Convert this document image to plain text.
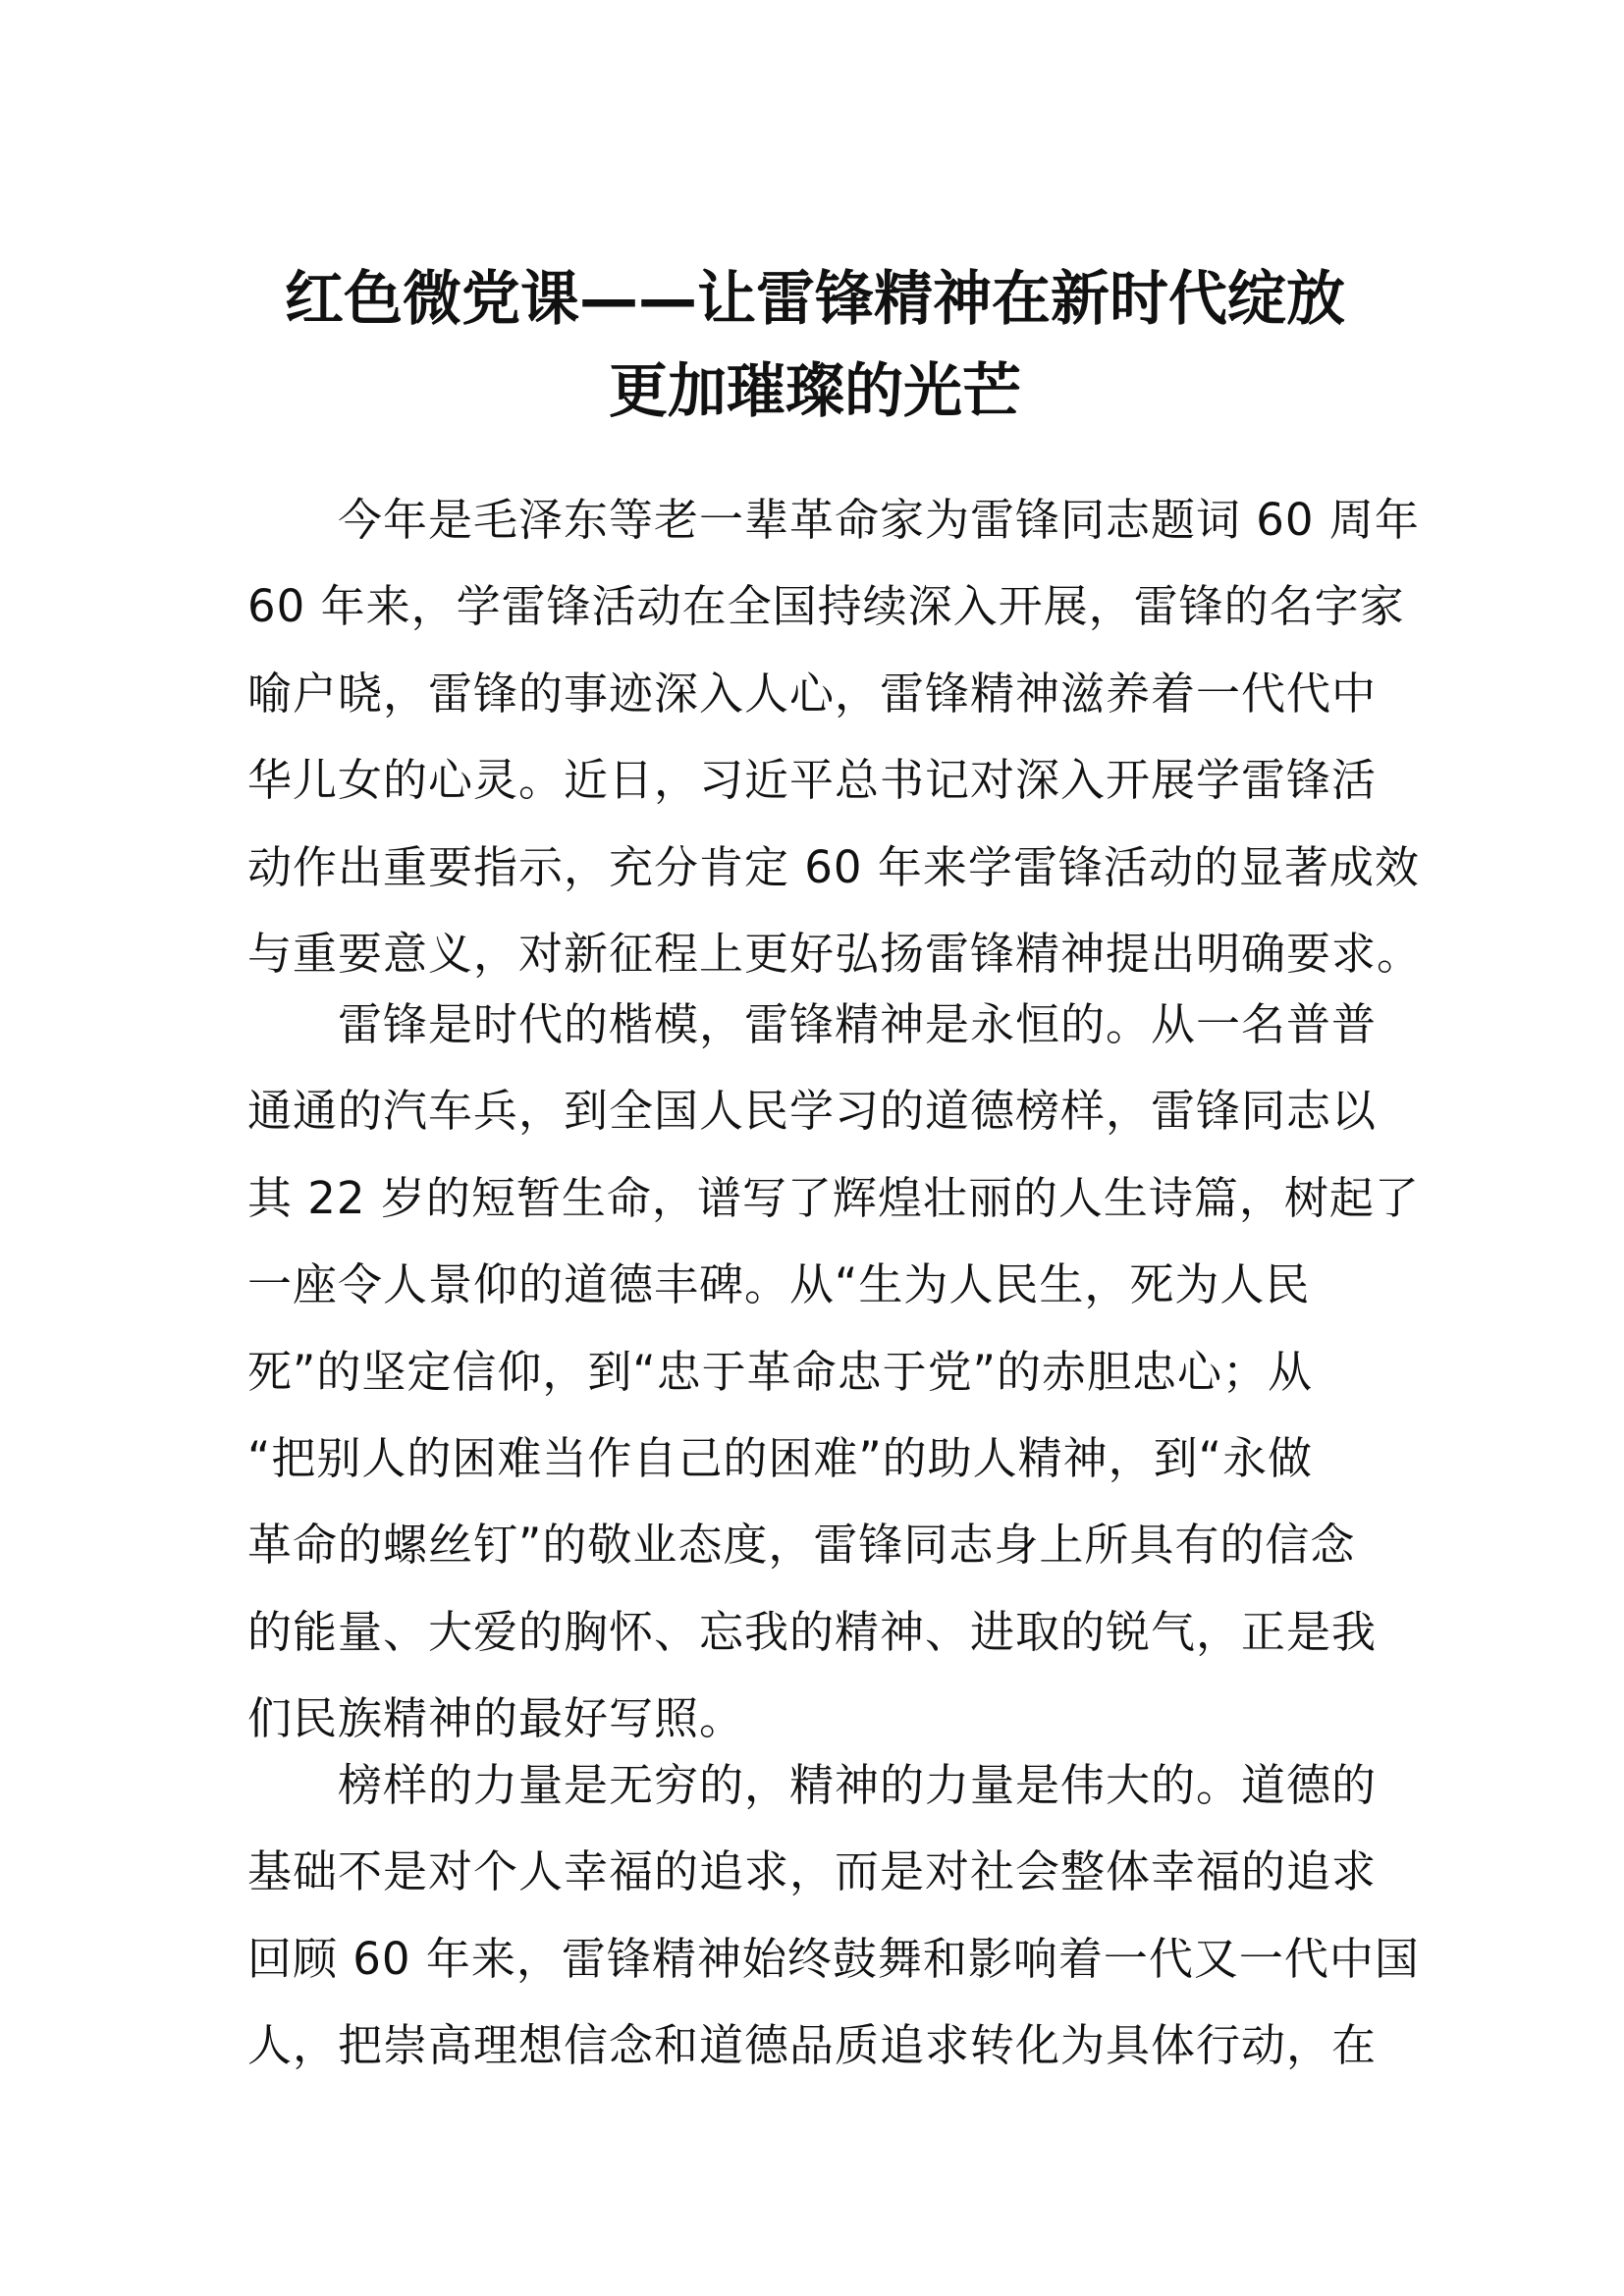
红色微党课——让雷锋精神在新时代绽放
更加璀璨的光芒
今年是毛泽东等老一辈革命家为雷锋同志题词 60 周年
60 年来，学雷锋活动在全国持续深入开展，雷锋的名字家
喻户晓，雷锋的事迹深入人心，雷锋精神滋养着一代代中
华儿女的心灵。近日，习近平总书记对深入开展学雷锋活
动作出重要指示，充分肯定 60 年来学雷锋活动的显著成效
与重要意义，对新征程上更好弘扬雷锋精神提出明确要求。
雷锋是时代的楷模，雷锋精神是永恒的。从一名普普
通通的汽车兵，到全国人民学习的道德榜样，雷锋同志以
其 22 岁的短暂生命，谱写了辉煌壮丽的人生诗篇，树起了
一座令人景仰的道德丰碑。从“生为人民生，死为人民
死”的坚定信仰，到“忠于革命忠于党”的赤胆忠心；从
“把别人的困难当作自己的困难”的助人精神，到“永做
革命的螺丝钉”的敬业态度，雷锋同志身上所具有的信念
的能量、大爱的胸怀、忘我的精神、进取的锐气，正是我
们民族精神的最好写照。
榜样的力量是无穷的，精神的力量是伟大的。道德的
基础不是对个人幸福的追求，而是对社会整体幸福的追求
回顾 60 年来，雷锋精神始终鼓舞和影响着一代又一代中国
人，把崇高理想信念和道德品质追求转化为具体行动，在
